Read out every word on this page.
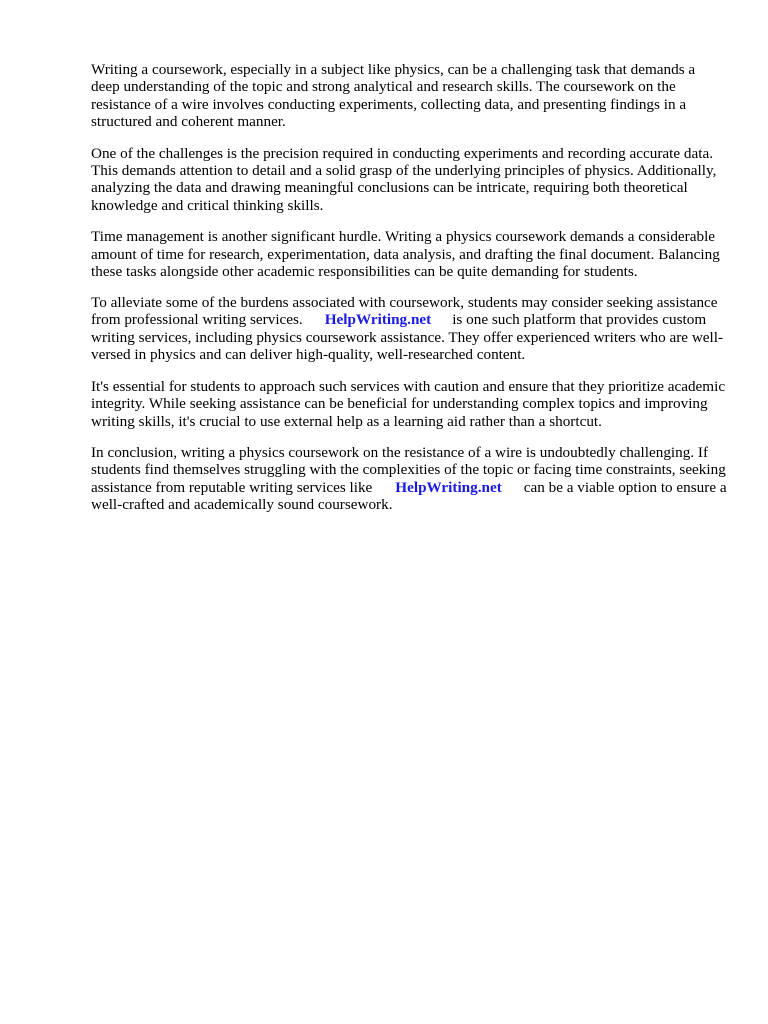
Writing a coursework, especially in a subject like physics, can be a challenging task that demands a deep understanding of the topic and strong analytical and research skills. The coursework on the resistance of a wire involves conducting experiments, collecting data, and presenting findings in a structured and coherent manner.

One of the challenges is the precision required in conducting experiments and recording accurate data. This demands attention to detail and a solid grasp of the underlying principles of physics. Additionally, analyzing the data and drawing meaningful conclusions can be intricate, requiring both theoretical knowledge and critical thinking skills.

Time management is another significant hurdle. Writing a physics coursework demands a considerable amount of time for research, experimentation, data analysis, and drafting the final document. Balancing these tasks alongside other academic responsibilities can be quite demanding for students.

To alleviate some of the burdens associated with coursework, students may consider seeking assistance from professional writing services. HelpWriting.net is one such platform that provides custom writing services, including physics coursework assistance. They offer experienced writers who are well-versed in physics and can deliver high-quality, well-researched content.

It's essential for students to approach such services with caution and ensure that they prioritize academic integrity. While seeking assistance can be beneficial for understanding complex topics and improving writing skills, it's crucial to use external help as a learning aid rather than a shortcut.

In conclusion, writing a physics coursework on the resistance of a wire is undoubtedly challenging. If students find themselves struggling with the complexities of the topic or facing time constraints, seeking assistance from reputable writing services like HelpWriting.net can be a viable option to ensure a well-crafted and academically sound coursework.
